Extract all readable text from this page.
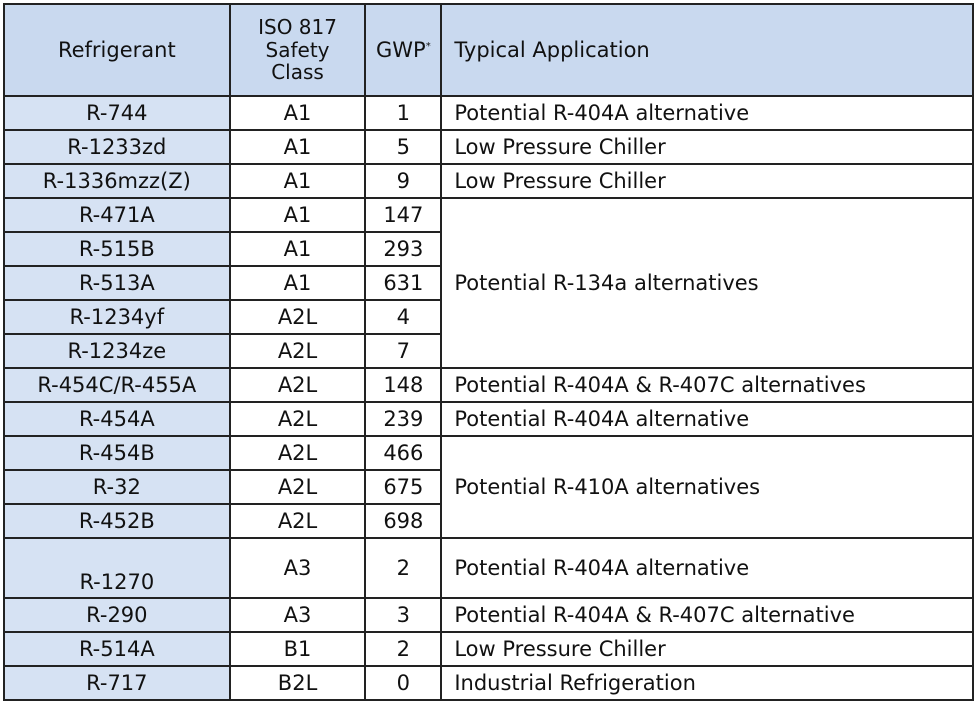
Refrigerant	ISO 817
Safety
Class	GWP*	Typical Application
R-744	A1	1	Potential R-404A alternative
R-1233zd	A1	5	Low Pressure Chiller
R-1336mzz(Z)	A1	9	Low Pressure Chiller
R-471A	A1	147	Potential R-134a alternatives
R-515B	A1	293	
R-513A	A1	631	
R-1234yf	A2L	4	
R-1234ze	A2L	7	
R-454C/R-455A	A2L	148	Potential R-404A & R-407C alternatives
R-454A	A2L	239	Potential R-404A alternative
R-454B	A2L	466	Potential R-410A alternatives
R-32	A2L	675	
R-452B	A2L	698	
R-1270	A3	2	Potential R-404A alternative
R-290	A3	3	Potential R-404A & R-407C alternative
R-514A	B1	2	Low Pressure Chiller
R-717	B2L	0	Industrial Refrigeration
